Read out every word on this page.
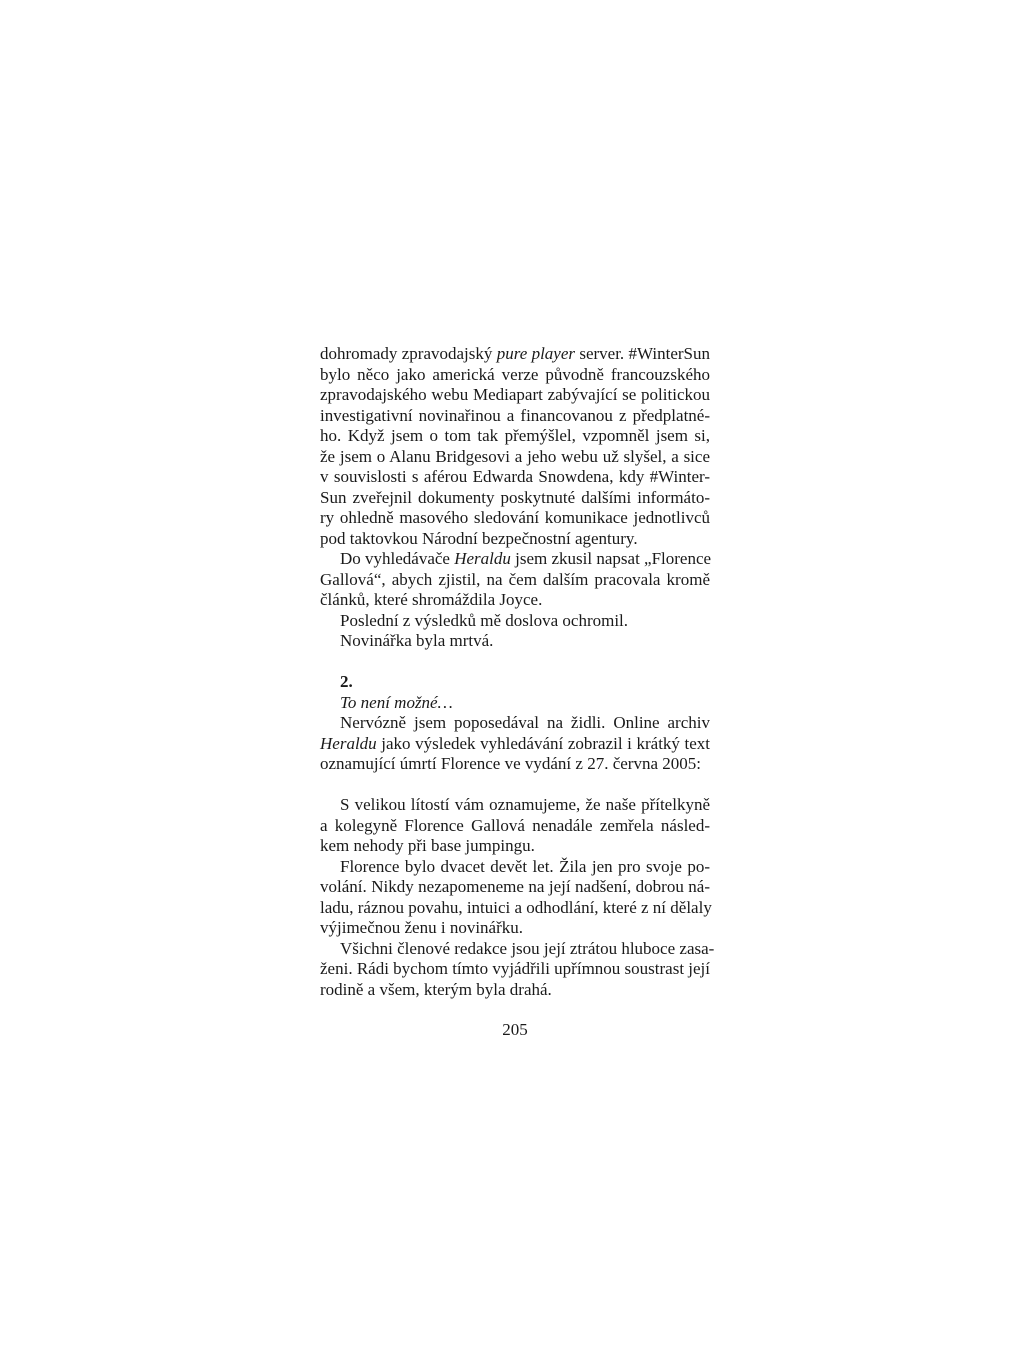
dohromady zpravodajský pure player server. #WinterSun
bylo něco jako americká verze původně francouzského
zpravodajského webu Mediapart zabývající se politickou
investigativní novinařinou a financovanou z předplatné-
ho. Když jsem o tom tak přemýšlel, vzpomněl jsem si,
že jsem o Alanu Bridgesovi a jeho webu už slyšel, a sice
v souvislosti s aférou Edwarda Snowdena, kdy #Winter-
Sun zveřejnil dokumenty poskytnuté dalšími informáto-
ry ohledně masového sledování komunikace jednotlivců
pod taktovkou Národní bezpečnostní agentury.
Do vyhledávače Heraldu jsem zkusil napsat „Florence
Gallová“, abych zjistil, na čem dalším pracovala kromě
článků, které shromáždila Joyce.
Poslední z výsledků mě doslova ochromil.
Novinářka byla mrtvá.
2.
To není možné…
Nervózně jsem poposedával na židli. Online archiv
Heraldu jako výsledek vyhledávání zobrazil i krátký text
oznamující úmrtí Florence ve vydání z 27. června 2005:
S velikou lítostí vám oznamujeme, že naše přítelkyně
a kolegyně Florence Gallová nenadále zemřela násled-
kem nehody při base jumpingu.
Florence bylo dvacet devět let. Žila jen pro svoje po-
volání. Nikdy nezapomeneme na její nadšení, dobrou ná-
ladu, ráznou povahu, intuici a odhodlání, které z ní dělaly
výjimečnou ženu i novinářku.
Všichni členové redakce jsou její ztrátou hluboce zasa-
ženi. Rádi bychom tímto vyjádřili upřímnou soustrast její
rodině a všem, kterým byla drahá.
205
